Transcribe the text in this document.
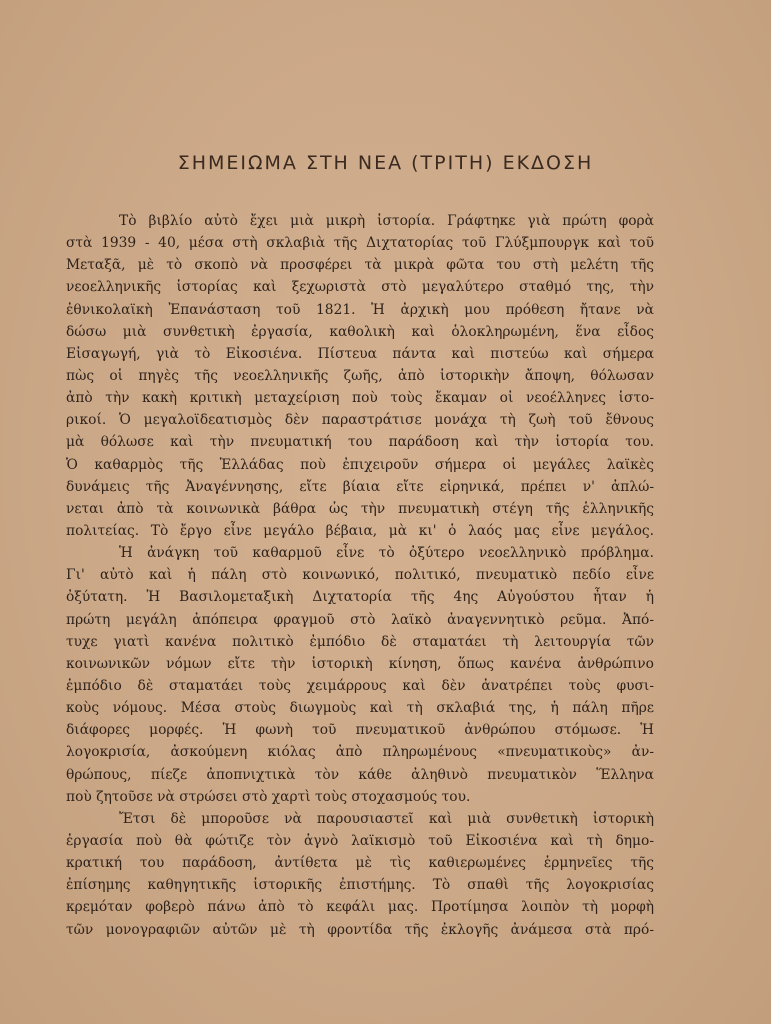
ΣΗΜΕΙΩΜΑ ΣΤΗ ΝΕΑ (ΤΡΙΤΗ) ΕΚΔΟΣΗ
Τὸ βιβλίο αὐτὸ ἔχει μιὰ μικρὴ ἱστορία. Γράφτηκε γιὰ πρώτη φορὰ
στὰ 1939 - 40, μέσα στὴ σκλαβιὰ τῆς Διχτατορίας τοῦ Γλύξμπουργκ καὶ τοῦ
Μεταξᾶ, μὲ τὸ σκοπὸ νὰ προσφέρει τὰ μικρὰ φῶτα του στὴ μελέτη τῆς
νεοελληνικῆς ἱστορίας καὶ ξεχωριστὰ στὸ μεγαλύτερο σταθμό της, τὴν
ἐθνικολαϊκὴ Ἐπανάσταση τοῦ 1821. Ἡ ἀρχικὴ μου πρόθεση ἤτανε νὰ
δώσω μιὰ συνθετικὴ ἐργασία, καθολικὴ καὶ ὁλοκληρωμένη, ἕνα εἶδος
Εἰσαγωγή, γιὰ τὸ Εἰκοσιένα. Πίστευα πάντα καὶ πιστεύω καὶ σήμερα
πὼς οἱ πηγὲς τῆς νεοελληνικῆς ζωῆς, ἀπὸ ἱστορικὴν ἄποψη, θόλωσαν
ἀπὸ τὴν κακὴ κριτικὴ μεταχείριση ποὺ τοὺς ἔκαμαν οἱ νεοέλληνες ἱστο-
ρικοί. Ὁ μεγαλοϊδεατισμὸς δὲν παραστράτισε μονάχα τὴ ζωὴ τοῦ ἔθνους
μὰ θόλωσε καὶ τὴν πνευματική του παράδοση καὶ τὴν ἱστορία του.
Ὁ καθαρμὸς τῆς Ἑλλάδας ποὺ ἐπιχειροῦν σήμερα οἱ μεγάλες λαϊκὲς
δυνάμεις τῆς Ἀναγέννησης, εἴτε βίαια εἴτε εἰρηνικά, πρέπει ν' ἁπλώ-
νεται ἀπὸ τὰ κοινωνικὰ βάθρα ὡς τὴν πνευματικὴ στέγη τῆς ἑλληνικῆς
πολιτείας. Τὸ ἔργο εἶνε μεγάλο βέβαια, μὰ κι' ὁ λαός μας εἶνε μεγάλος.
Ἡ ἀνάγκη τοῦ καθαρμοῦ εἶνε τὸ ὀξύτερο νεοελληνικὸ πρόβλημα.
Γι' αὐτὸ καὶ ἡ πάλη στὸ κοινωνικό, πολιτικό, πνευματικὸ πεδίο εἶνε
ὀξύτατη. Ἡ Βασιλομεταξικὴ Διχτατορία τῆς 4ης Αὐγούστου ἦταν ἡ
πρώτη μεγάλη ἀπόπειρα φραγμοῦ στὸ λαϊκὸ ἀναγεννητικὸ ρεῦμα. Ἀπό-
τυχε γιατὶ κανένα πολιτικὸ ἐμπόδιο δὲ σταματάει τὴ λειτουργία τῶν
κοινωνικῶν νόμων εἴτε τὴν ἱστορικὴ κίνηση, ὅπως κανένα ἀνθρώπινο
ἐμπόδιο δὲ σταματάει τοὺς χειμάρρους καὶ δὲν ἀνατρέπει τοὺς φυσι-
κοὺς νόμους. Μέσα στοὺς διωγμοὺς καὶ τὴ σκλαβιά της, ἡ πάλη πῆρε
διάφορες μορφές. Ἡ φωνὴ τοῦ πνευματικοῦ ἀνθρώπου στόμωσε. Ἡ
λογοκρισία, ἀσκούμενη κιόλας ἀπὸ πληρωμένους «πνευματικοὺς» ἀν-
θρώπους, πίεζε ἀποπνιχτικὰ τὸν κάθε ἀληθινὸ πνευματικὸν Ἕλληνα
ποὺ ζητοῦσε νὰ στρώσει στὸ χαρτὶ τοὺς στοχασμούς του.
Ἔτσι δὲ μποροῦσε νὰ παρουσιαστεῖ καὶ μιὰ συνθετικὴ ἱστορικὴ
ἐργασία ποὺ θὰ φώτιζε τὸν ἁγνὸ λαϊκισμὸ τοῦ Εἰκοσιένα καὶ τὴ δημο-
κρατική του παράδοση, ἀντίθετα μὲ τὶς καθιερωμένες ἑρμηνεῖες τῆς
ἐπίσημης καθηγητικῆς ἱστορικῆς ἐπιστήμης. Τὸ σπαθὶ τῆς λογοκρισίας
κρεμόταν φοβερὸ πάνω ἀπὸ τὸ κεφάλι μας. Προτίμησα λοιπὸν τὴ μορφὴ
τῶν μονογραφιῶν αὐτῶν μὲ τὴ φροντίδα τῆς ἐκλογῆς ἀνάμεσα στὰ πρό-
